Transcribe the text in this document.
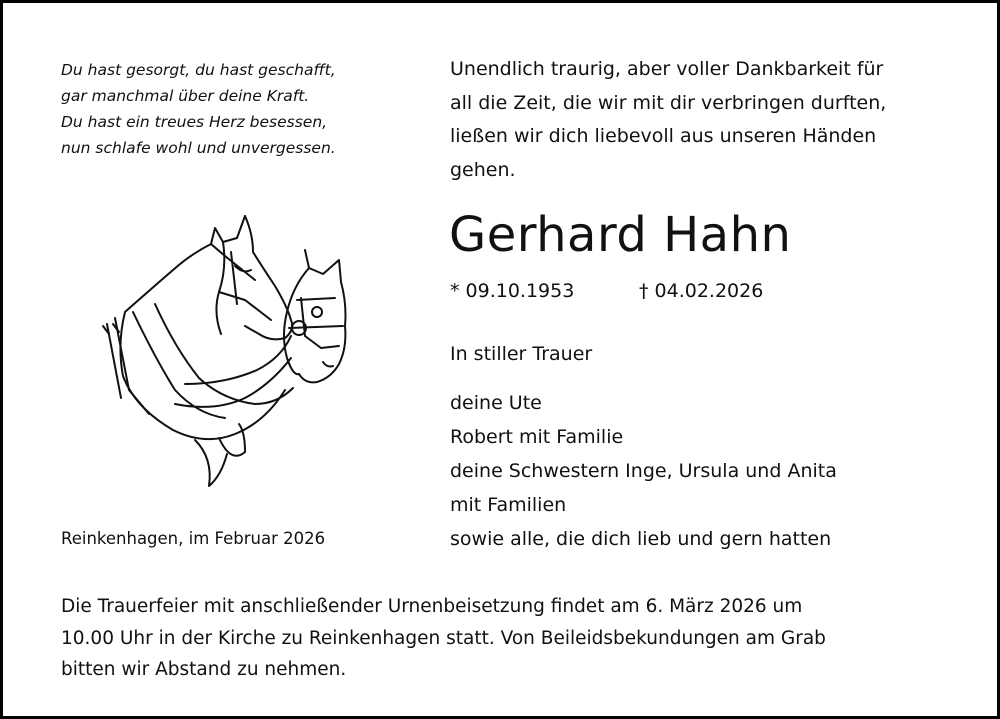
Du hast gesorgt, du hast geschafft,
gar manchmal über deine Kraft.
Du hast ein treues Herz besessen,
nun schlafe wohl und unvergessen.
Unendlich traurig, aber voller Dankbarkeit für
all die Zeit, die wir mit dir verbringen durften,
ließen wir dich liebevoll aus unseren Händen
gehen.
Gerhard Hahn
* 09.10.1953	† 04.02.2026
In stiller Trauer
deine Ute
Robert mit Familie
deine Schwestern Inge, Ursula und Anita
mit Familien
sowie alle, die dich lieb und gern hatten
Reinkenhagen, im Februar 2026
Die Trauerfeier mit anschließender Urnenbeisetzung findet am 6. März 2026 um
10.00 Uhr in der Kirche zu Reinkenhagen statt. Von Beileidsbekundungen am Grab
bitten wir Abstand zu nehmen.
